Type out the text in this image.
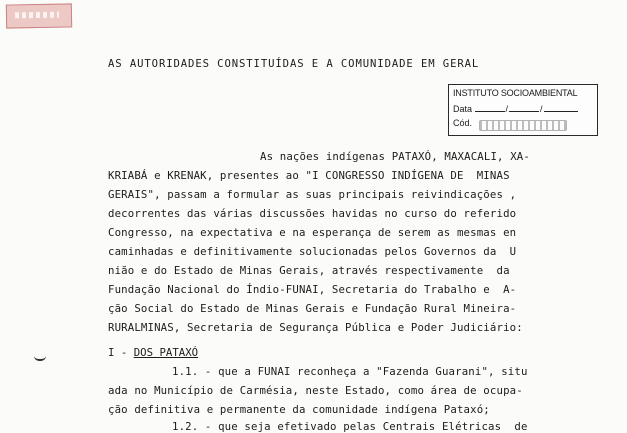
AS AUTORIDADES CONSTITUÍDAS E A COMUNIDADE EM GERAL
INSTITUTO SOCIOAMBIENTAL
Data	/	/
Cód.
As nações indígenas PATAXÓ, MAXACALI, XA-
KRIABÁ e KRENAK, presentes ao "I CONGRESSO INDÍGENA DE  MINAS
GERAIS", passam a formular as suas principais reivindicações ,
decorrentes das várias discussões havidas no curso do referido
Congresso, na expectativa e na esperança de serem as mesmas en
caminhadas e definitivamente solucionadas pelos Governos da  U
nião e do Estado de Minas Gerais, através respectivamente  da
Fundação Nacional do Índio-FUNAI, Secretaria do Trabalho e  A-
ção Social do Estado de Minas Gerais e Fundação Rural Mineira-
RURALMINAS, Secretaria de Segurança Pública e Poder Judiciário:
I - DOS PATAXÓ
1.1. - que a FUNAI reconheça a "Fazenda Guarani", situ
ada no Município de Carmésia, neste Estado, como área de ocupa-
ção definitiva e permanente da comunidade indígena Pataxó;
1.2. - que seja efetivado pelas Centrais Elétricas  de
